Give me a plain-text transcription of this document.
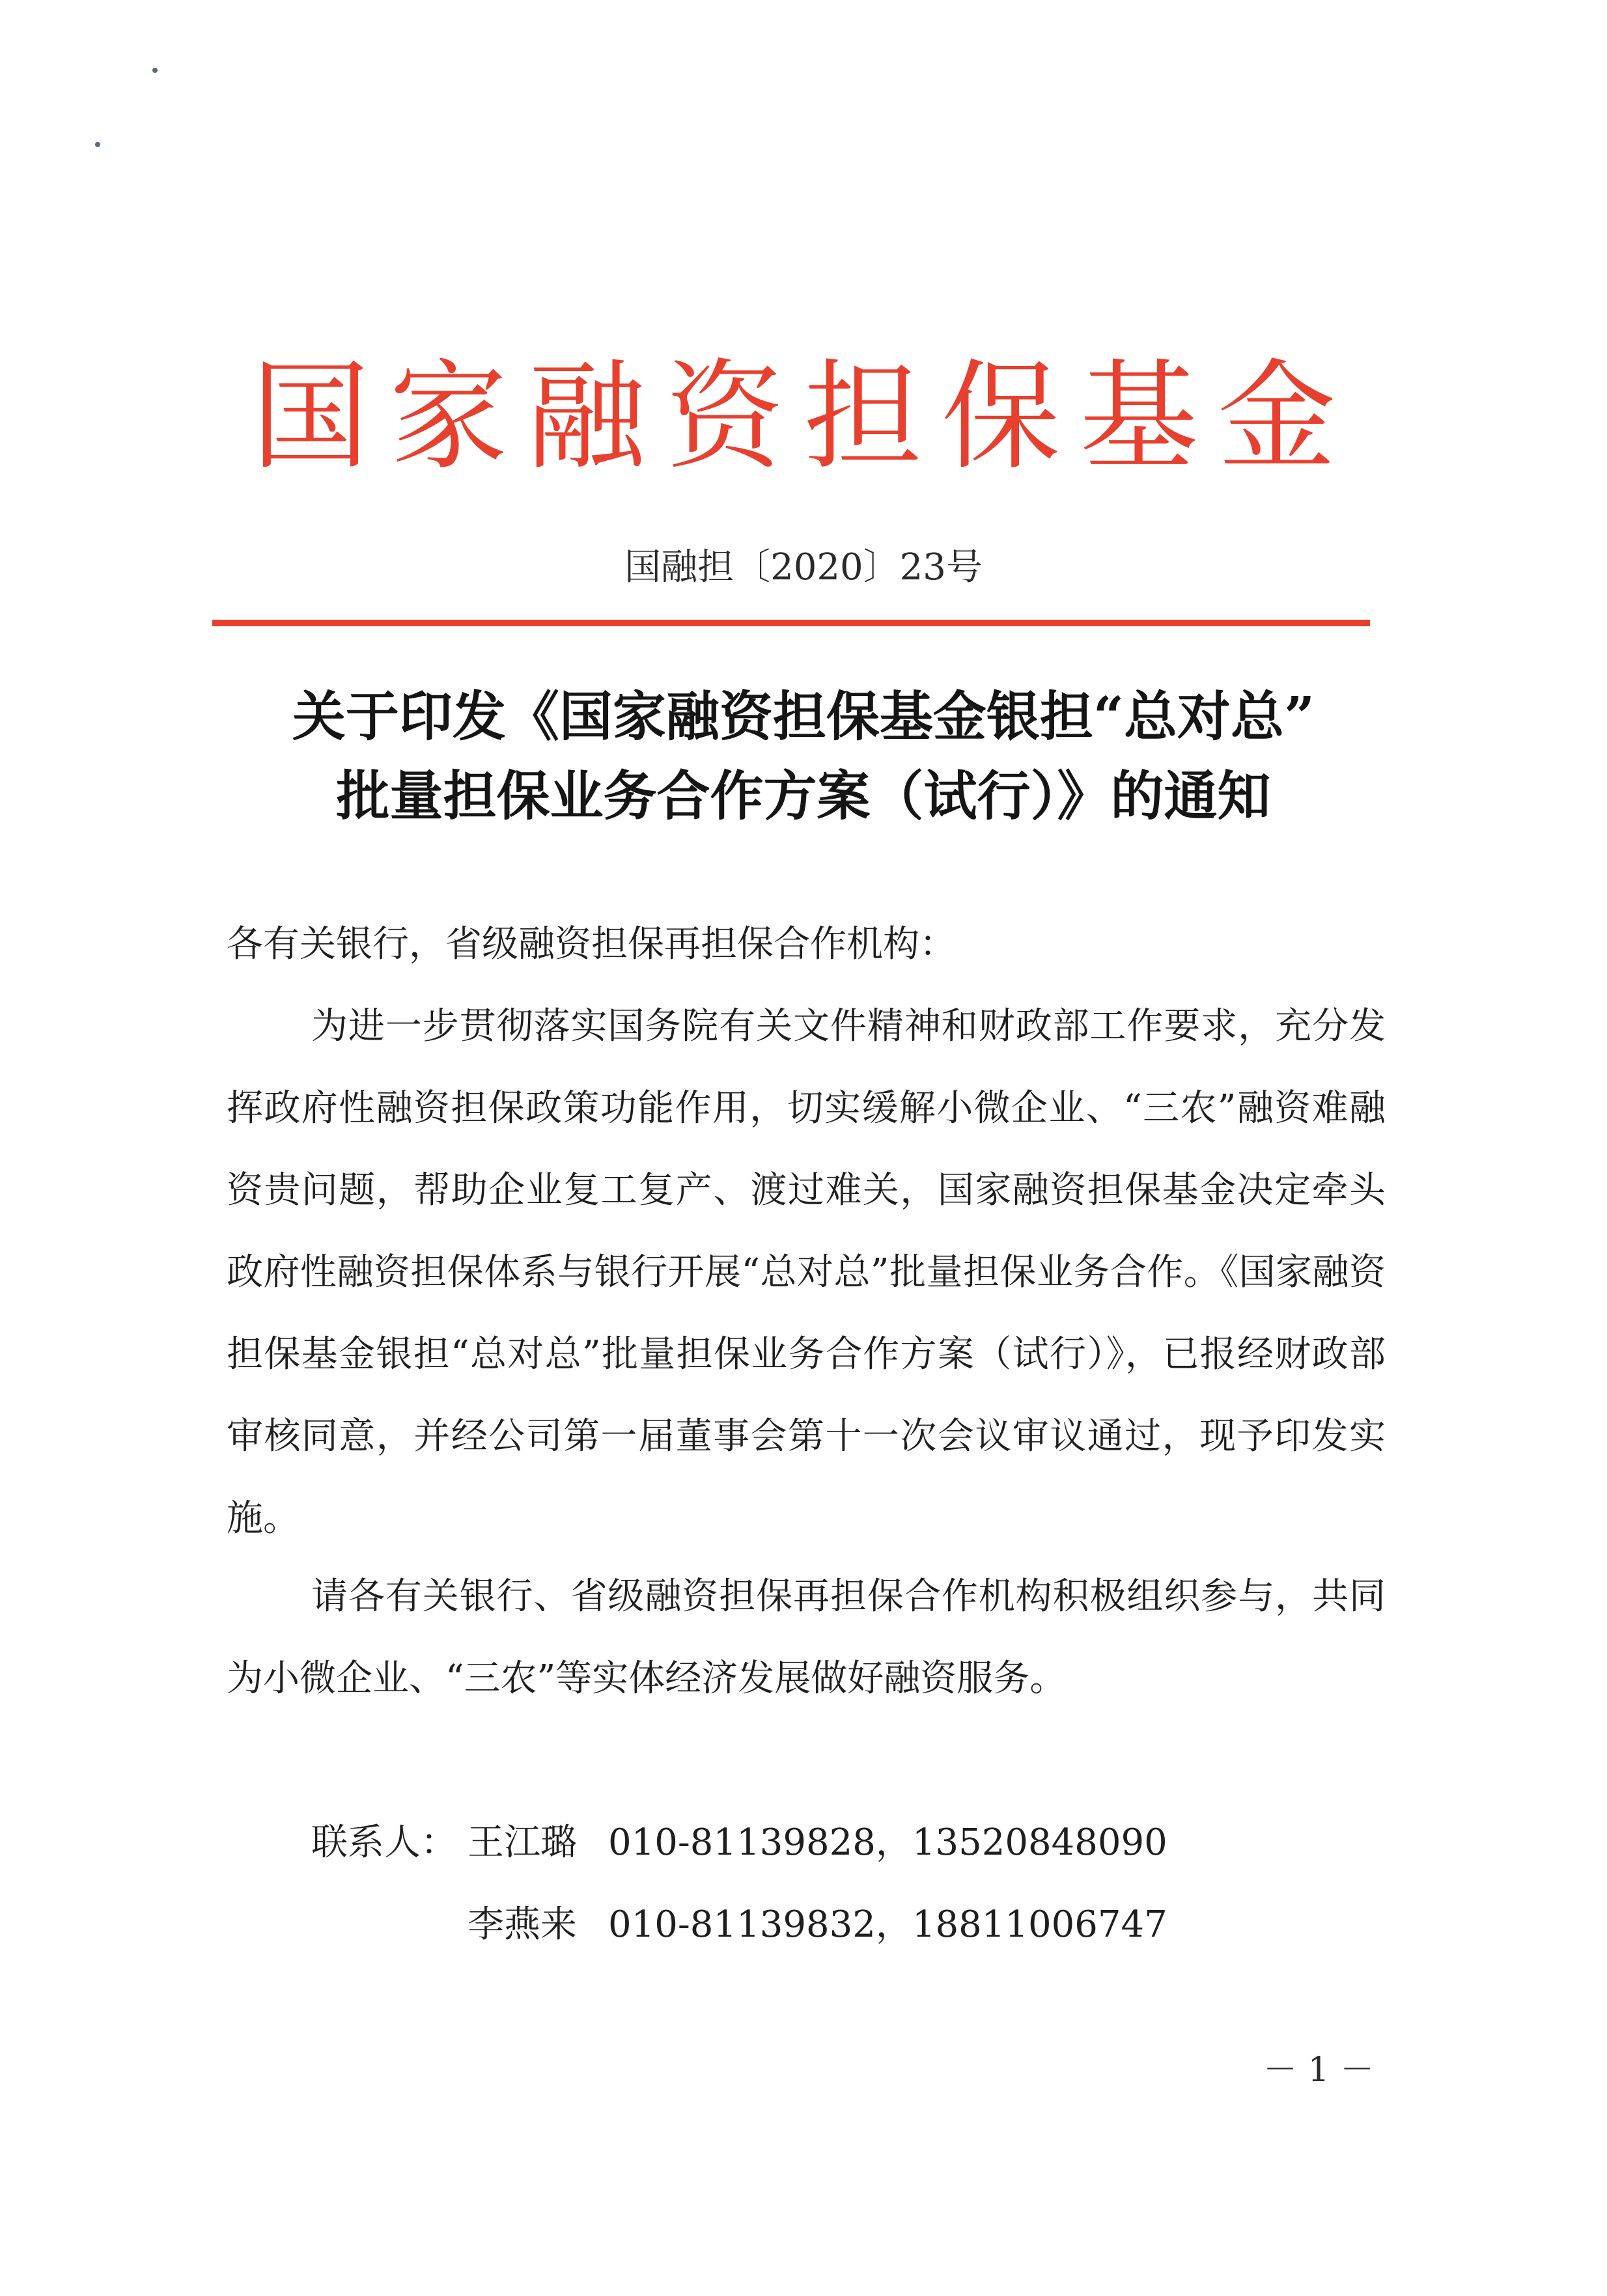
国家融资担保基金
国融担〔2020〕23号
关于印发《国家融资担保基金银担“总对总”
批量担保业务合作方案（试行）》的通知
各有关银行，省级融资担保再担保合作机构：
为进一步贯彻落实国务院有关文件精神和财政部工作要求，充分发挥政府性融资担保政策功能作用，切实缓解小微企业、“三农”融资难融资贵问题，帮助企业复工复产、渡过难关，国家融资担保基金决定牵头政府性融资担保体系与银行开展“总对总”批量担保业务合作。《国家融资担保基金银担“总对总”批量担保业务合作方案（试行）》，已报经财政部审核同意，并经公司第一届董事会第十一次会议审议通过，现予印发实施。
请各有关银行、省级融资担保再担保合作机构积极组织参与，共同为小微企业、“三农”等实体经济发展做好融资服务。
联系人： 王江璐 010-81139828，13520848090
李燕来 010-81139832，18811006747
－ 1 －
